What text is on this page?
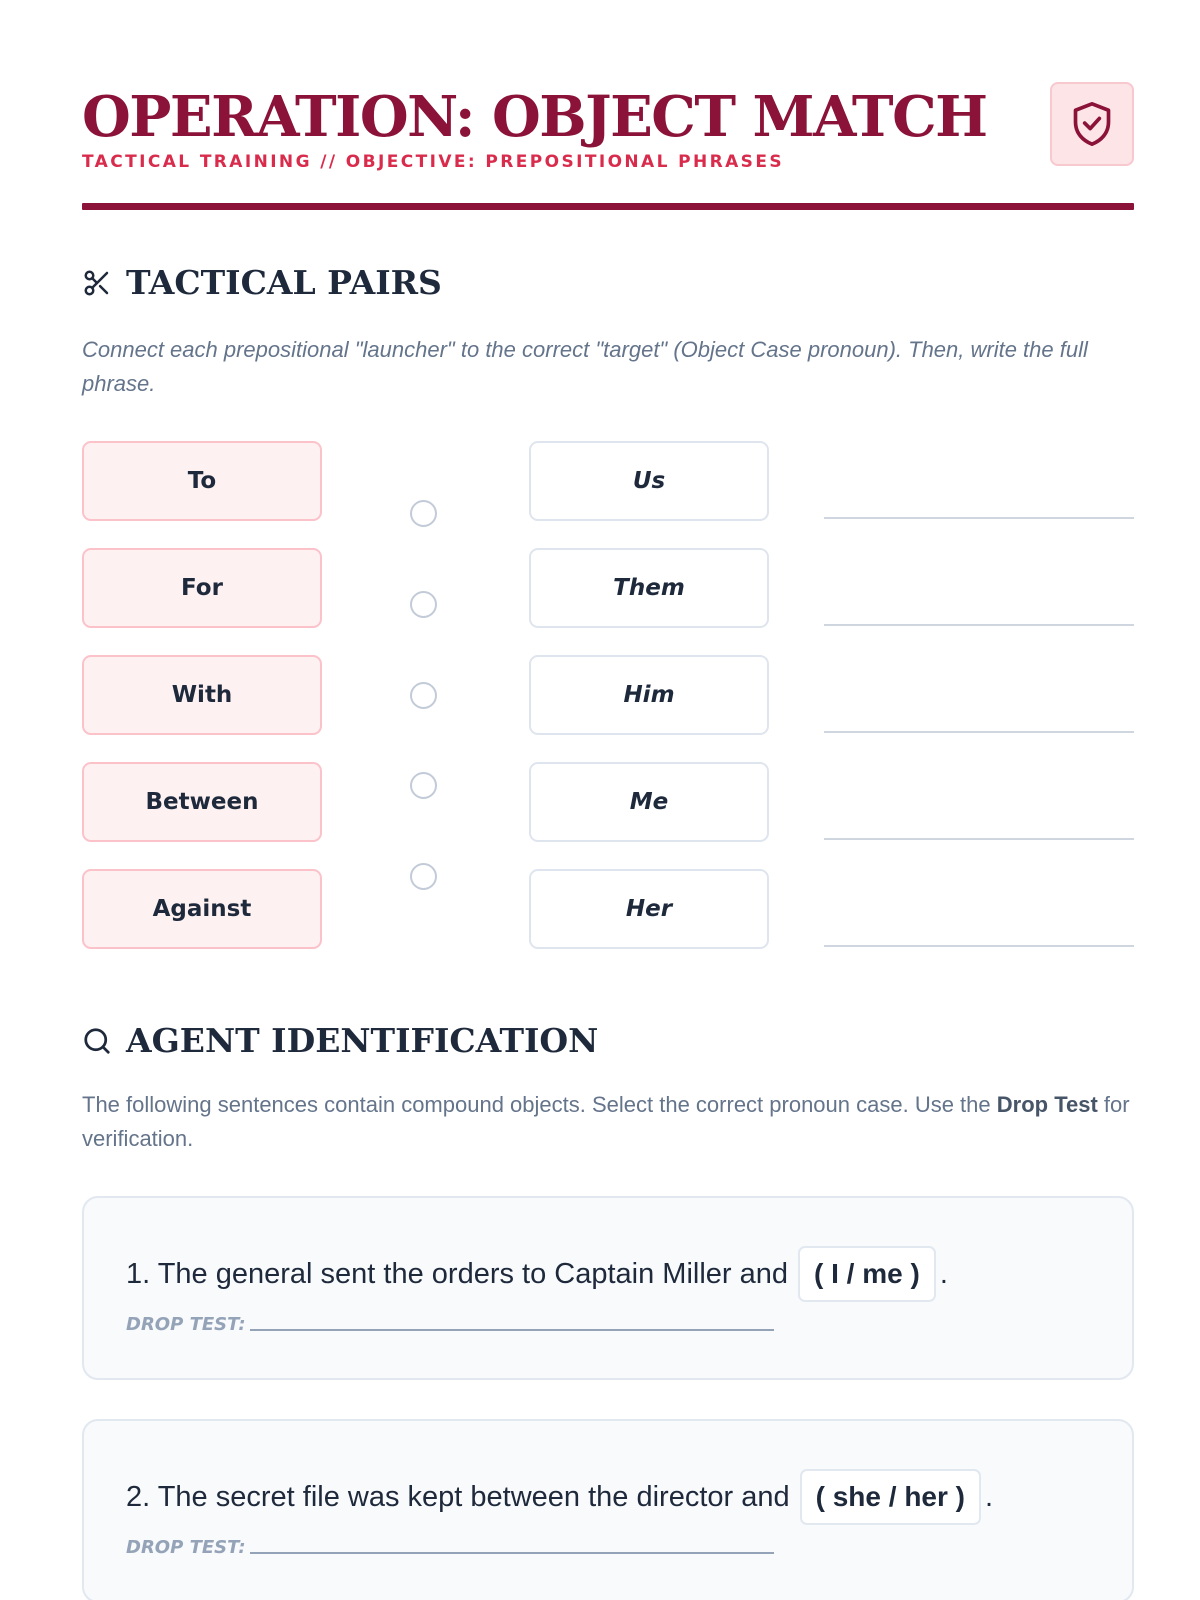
OPERATION: OBJECT MATCH
TACTICAL TRAINING // OBJECTIVE: PREPOSITIONAL PHRASES
TACTICAL PAIRS

Connect each prepositional "launcher" to the correct "target" (Object Case pronoun). Then, write the full phrase.

To	Us
For	Them
With	Him
Between	Me
Against	Her
AGENT IDENTIFICATION

The following sentences contain compound objects. Select the correct pronoun case. Use the Drop Test for verification.

1. The general sent the orders to Captain Miller and ( I / me ) .
DROP TEST:
2. The secret file was kept between the director and ( she / her ) .
DROP TEST:
